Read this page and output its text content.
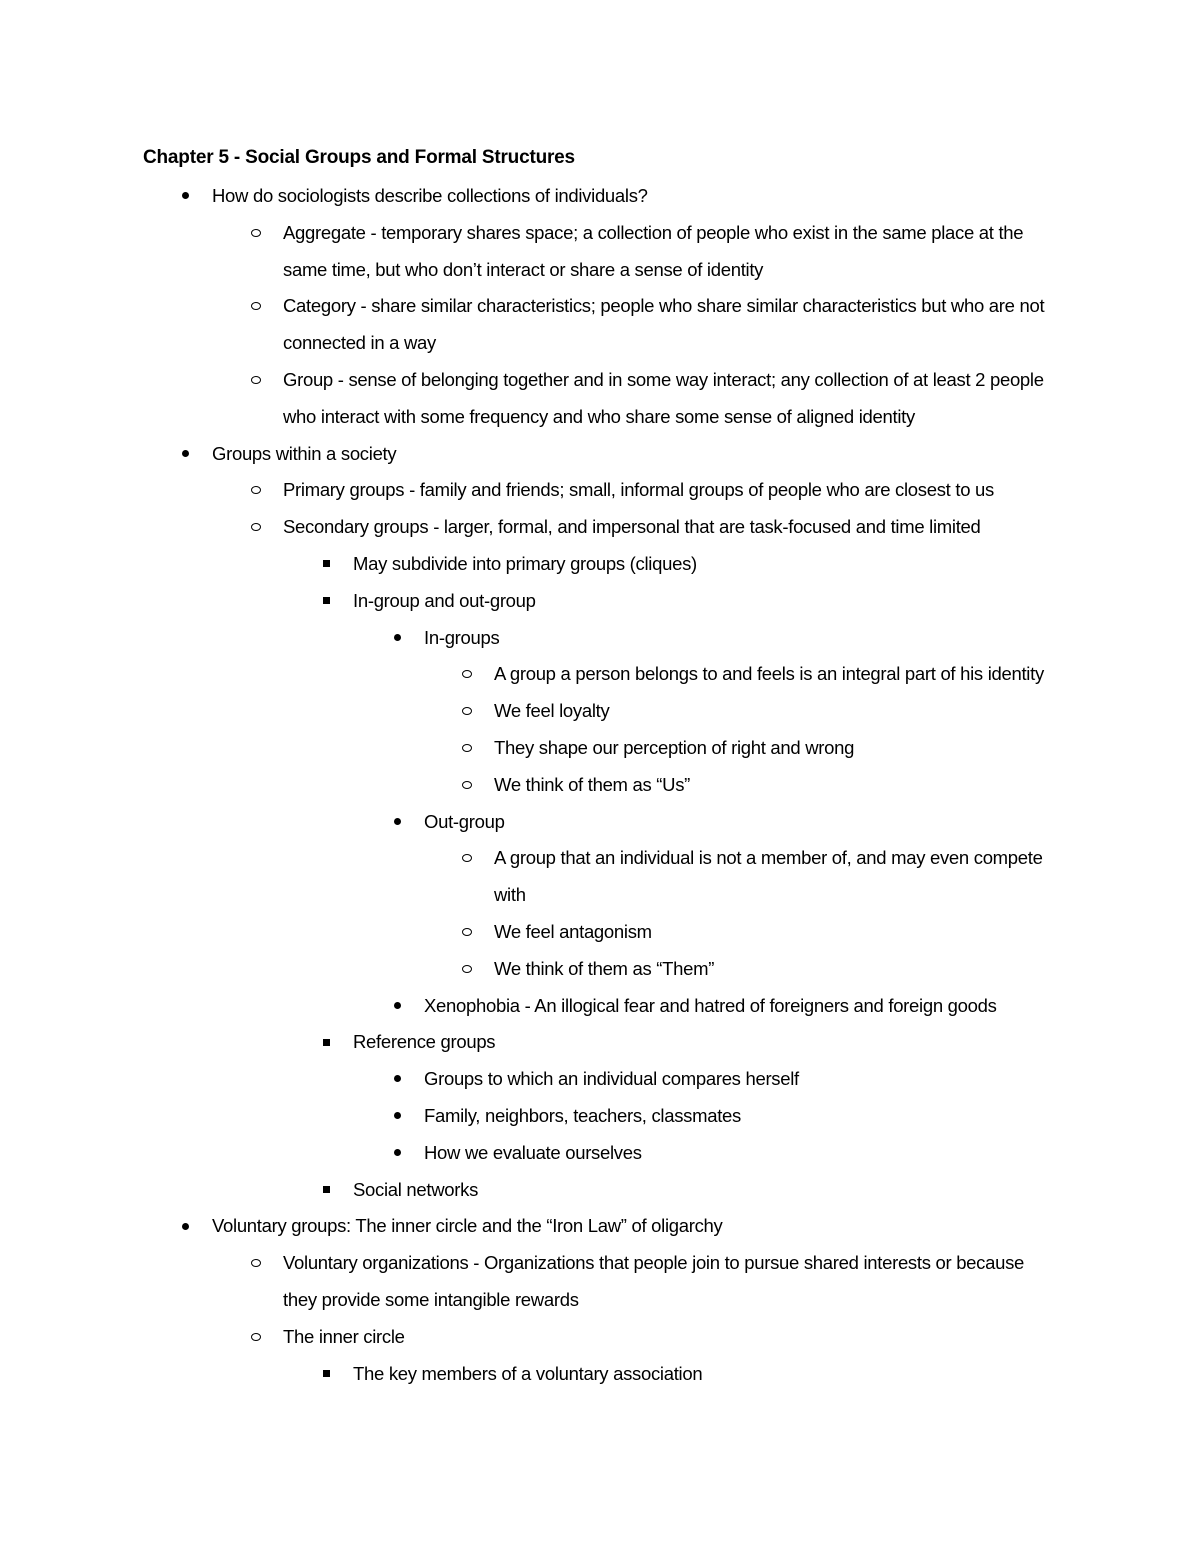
Chapter 5 - Social Groups and Formal Structures
How do sociologists describe collections of individuals?
Aggregate - temporary shares space; a collection of people who exist in the same place at the same time, but who don’t interact or share a sense of identity
Category - share similar characteristics; people who share similar characteristics but who are not connected in a way
Group - sense of belonging together and in some way interact; any collection of at least 2 people who interact with some frequency and who share some sense of aligned identity
Groups within a society
Primary groups - family and friends; small, informal groups of people who are closest to us
Secondary groups - larger, formal, and impersonal that are task-focused and time limited
May subdivide into primary groups (cliques)
In-group and out-group
In-groups
A group a person belongs to and feels is an integral part of his identity
We feel loyalty
They shape our perception of right and wrong
We think of them as “Us”
Out-group
A group that an individual is not a member of, and may even compete with
We feel antagonism
We think of them as “Them”
Xenophobia - An illogical fear and hatred of foreigners and foreign goods
Reference groups
Groups to which an individual compares herself
Family, neighbors, teachers, classmates
How we evaluate ourselves
Social networks
Voluntary groups: The inner circle and the “Iron Law” of oligarchy
Voluntary organizations - Organizations that people join to pursue shared interests or because they provide some intangible rewards
The inner circle
The key members of a voluntary association
